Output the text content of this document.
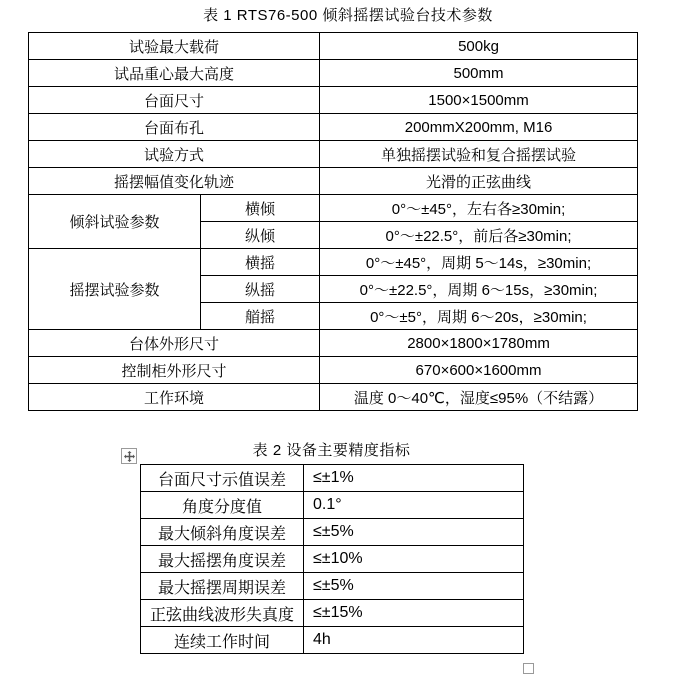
表 1 RTS76-500 倾斜摇摆试验台技术参数
试验最大载荷		500kg
试品重心最大高度		500mm
台面尺寸		1500×1500mm
台面布孔		200mmX200mm, M16
试验方式		单独摇摆试验和复合摇摆试验
摇摆幅值变化轨迹		光滑的正弦曲线
倾斜试验参数	横倾	0°～±45°，左右各≥30min;
	纵倾	0°～±22.5°，前后各≥30min;
摇摆试验参数	横摇	0°～±45°，周期 5～14s，≥30min;
	纵摇	0°～±22.5°，周期 6～15s，≥30min;
	艏摇	0°～±5°，周期 6～20s，≥30min;
台体外形尺寸		2800×1800×1780mm
控制柜外形尺寸		670×600×1600mm
工作环境		温度 0～40℃，湿度≤95%（不结露）
表 2 设备主要精度指标
台面尺寸示值误差	≤±1%
角度分度值	0.1°
最大倾斜角度误差	≤±5%
最大摇摆角度误差	≤±10%
最大摇摆周期误差	≤±5%
正弦曲线波形失真度	≤±15%
连续工作时间	4h
